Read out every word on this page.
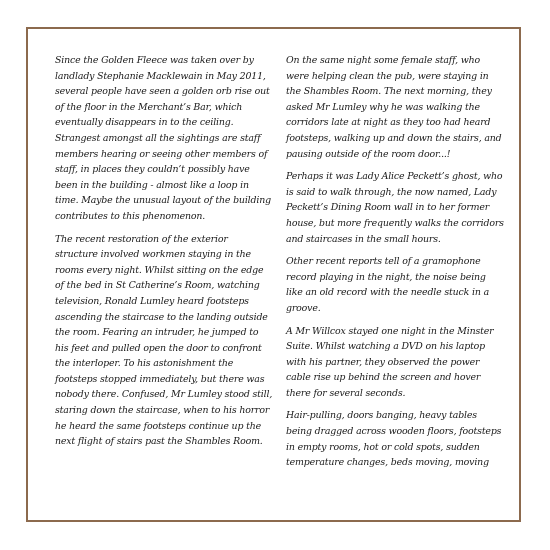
Since the Golden Fleece was taken over by landlady Stephanie Macklewain in May 2011, several people have seen a golden orb rise out of the floor in the Merchant’s Bar, which eventually disappears in to the ceiling. Strangest amongst all the sightings are staff members hearing or seeing other members of staff, in places they couldn’t possibly have been in the building - almost like a loop in time. Maybe the unusual layout of the building contributes to this phenomenon.

The recent restoration of the exterior structure involved workmen staying in the rooms every night. Whilst sitting on the edge of the bed in St Catherine’s Room, watching television, Ronald Lumley heard footsteps ascending the staircase to the landing outside the room. Fearing an intruder, he jumped to his feet and pulled open the door to confront the interloper. To his astonishment the footsteps stopped immediately, but there was nobody there. Confused, Mr Lumley stood still, staring down the staircase, when to his horror he heard the same footsteps continue up the next flight of stairs past the Shambles Room.

On the same night some female staff, who were helping clean the pub, were staying in the Shambles Room. The next morning, they asked Mr Lumley why he was walking the corridors late at night as they too had heard footsteps, walking up and down the stairs, and pausing outside of the room door...!

Perhaps it was Lady Alice Peckett’s ghost, who is said to walk through, the now named, Lady Peckett’s Dining Room wall in to her former house, but more frequently walks the corridors and staircases in the small hours.

Other recent reports tell of a gramophone record playing in the night, the noise being like an old record with the needle stuck in a groove.

A Mr Willcox stayed one night in the Minster Suite. Whilst watching a DVD on his laptop with his partner, they observed the power cable rise up behind the screen and hover there for several seconds.

Hair-pulling, doors banging, heavy tables being dragged across wooden floors, footsteps in empty rooms, hot or cold spots, sudden temperature changes, beds moving, moving
